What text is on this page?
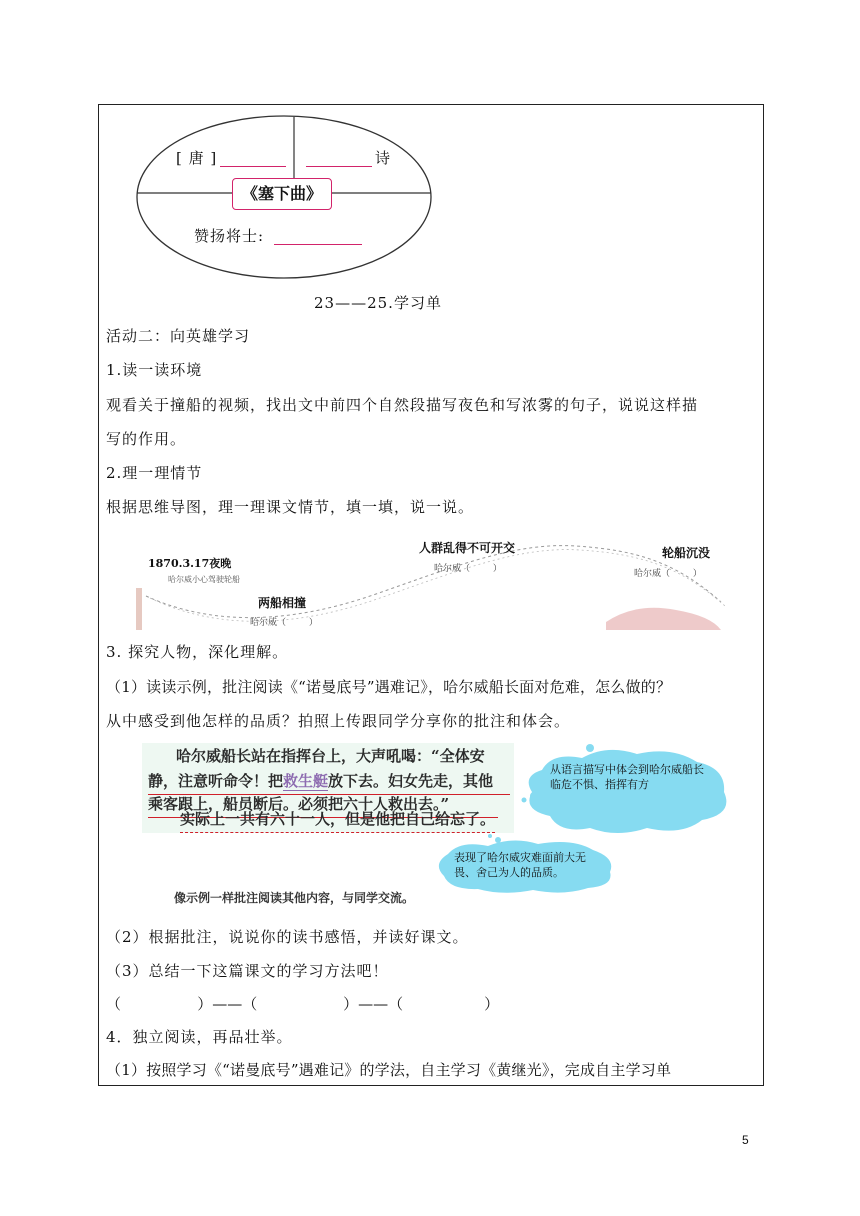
[ 唐 ]	诗
《塞下曲》
赞扬将士:
23——25.学习单
活动二：向英雄学习
1.读一读环境
观看关于撞船的视频，找出文中前四个自然段描写夜色和写浓雾的句子，说说这样描
写的作用。
2.理一理情节
根据思维导图，理一理课文情节，填一填，说一说。
1870.3.17夜晚
哈尔威小心驾驶轮船
两船相撞
哈尔威（        ）
人群乱得不可开交
哈尔威（        ）
轮船沉没
哈尔威（        ）
3. 探究人物，深化理解。
（1）读读示例，批注阅读《“诺曼底号”遇难记》，哈尔威船长面对危难，怎么做的？
从中感受到他怎样的品质？拍照上传跟同学分享你的批注和体会。
哈尔威船长站在指挥台上，大声吼喝：“全体安
静，注意听命令！把救生艇放下去。妇女先走，其他
乘客跟上，船员断后。必须把六十人救出去。”
实际上一共有六十一人，但是他把自己给忘了。
从语言描写中体会到哈尔威船长临危不惧、指挥有方
表现了哈尔威灾难面前大无畏、舍己为人的品质。
像示例一样批注阅读其他内容，与同学交流。
（2）根据批注，说说你的读书感悟，并读好课文。
（3）总结一下这篇课文的学习方法吧！
（                ）——（                  ）——（                 ）
4．独立阅读，再品壮举。
（1）按照学习《“诺曼底号”遇难记》的学法，自主学习《黄继光》，完成自主学习单
5
